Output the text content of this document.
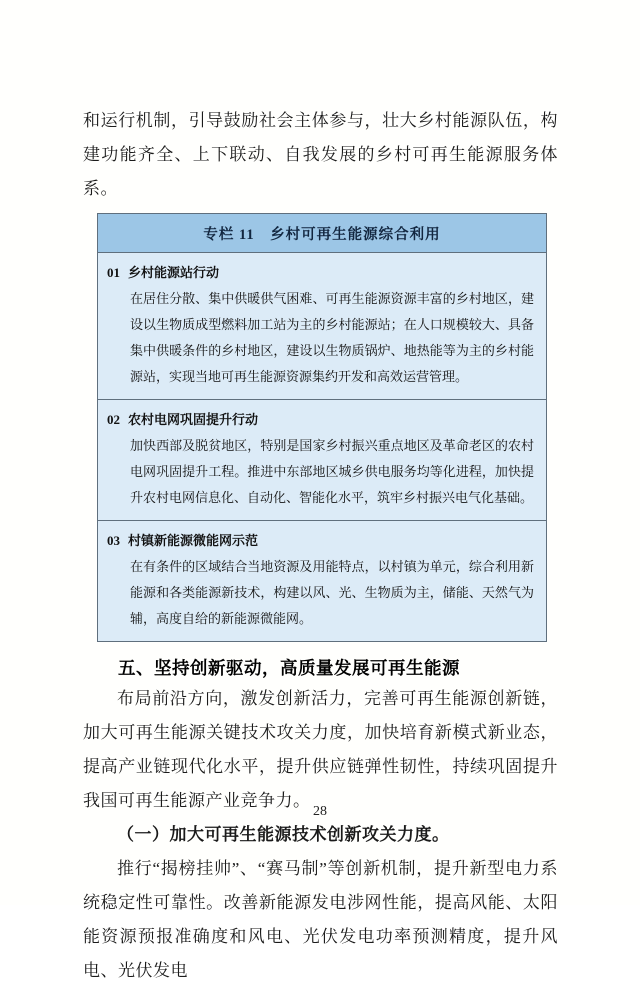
和运行机制，引导鼓励社会主体参与，壮大乡村能源队伍，构建功能齐全、上下联动、自我发展的乡村可再生能源服务体系。

专栏 11　乡村可再生能源综合利用
01 乡村能源站行动
在居住分散、集中供暖供气困难、可再生能源资源丰富的乡村地区，建设以生物质成型燃料加工站为主的乡村能源站；在人口规模较大、具备集中供暖条件的乡村地区，建设以生物质锅炉、地热能等为主的乡村能源站，实现当地可再生能源资源集约开发和高效运营管理。
02 农村电网巩固提升行动
加快西部及脱贫地区，特别是国家乡村振兴重点地区及革命老区的农村电网巩固提升工程。推进中东部地区城乡供电服务均等化进程，加快提升农村电网信息化、自动化、智能化水平，筑牢乡村振兴电气化基础。
03 村镇新能源微能网示范
在有条件的区域结合当地资源及用能特点，以村镇为单元，综合利用新能源和各类能源新技术，构建以风、光、生物质为主，储能、天然气为辅，高度自给的新能源微能网。
五、坚持创新驱动，高质量发展可再生能源

布局前沿方向，激发创新活力，完善可再生能源创新链，加大可再生能源关键技术攻关力度，加快培育新模式新业态，提高产业链现代化水平，提升供应链弹性韧性，持续巩固提升我国可再生能源产业竞争力。

（一）加大可再生能源技术创新攻关力度。

推行“揭榜挂帅”、“赛马制”等创新机制，提升新型电力系统稳定性可靠性。改善新能源发电涉网性能，提高风能、太阳能资源预报准确度和风电、光伏发电功率预测精度，提升风电、光伏发电

28
